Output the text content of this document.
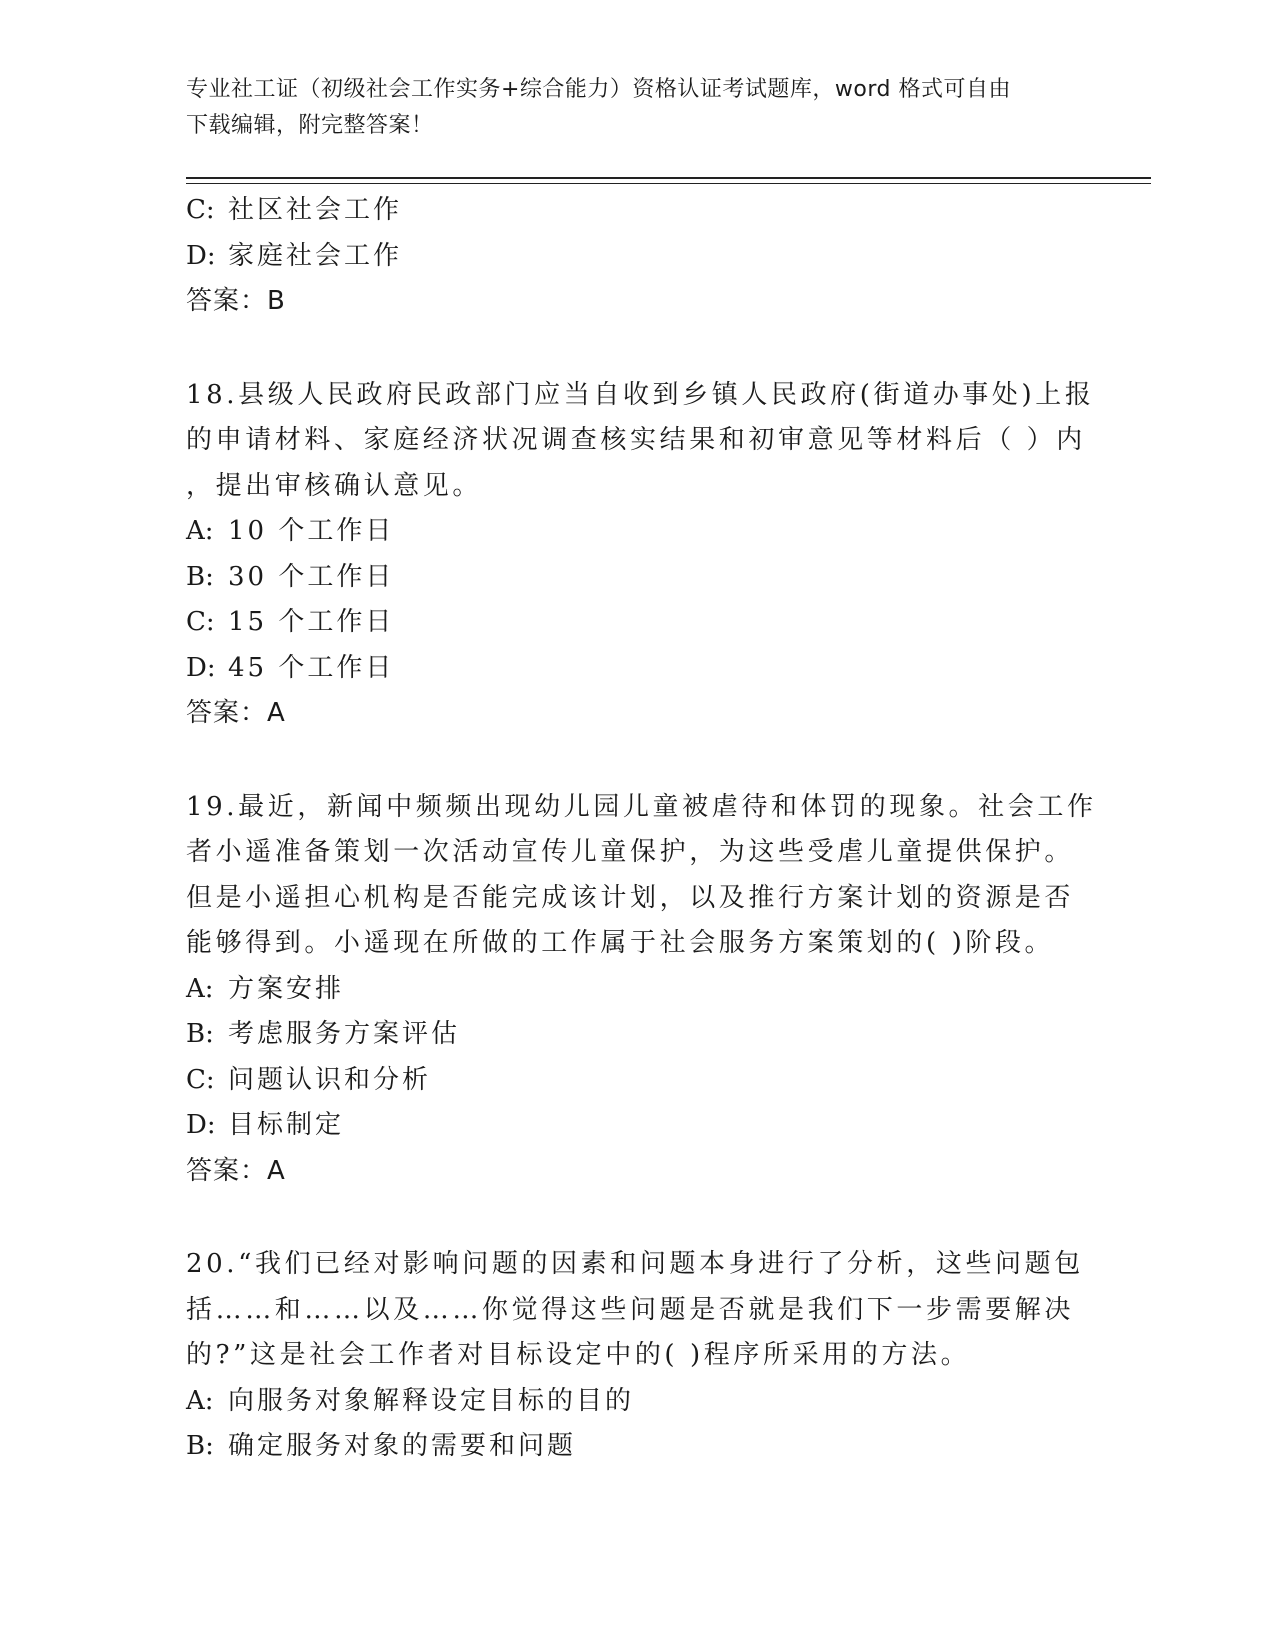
专业社工证（初级社会工作实务+综合能力）资格认证考试题库，word 格式可自由
下载编辑，附完整答案！
C: 社区社会工作
D: 家庭社会工作
答案：B
18.县级人民政府民政部门应当自收到乡镇人民政府(街道办事处)上报
的申请材料、家庭经济状况调查核实结果和初审意见等材料后（ ）内
，提出审核确认意见。
A: 10 个工作日
B: 30 个工作日
C: 15 个工作日
D: 45 个工作日
答案：A
19.最近，新闻中频频出现幼儿园儿童被虐待和体罚的现象。社会工作
者小遥准备策划一次活动宣传儿童保护，为这些受虐儿童提供保护。
但是小遥担心机构是否能完成该计划，以及推行方案计划的资源是否
能够得到。小遥现在所做的工作属于社会服务方案策划的( )阶段。
A: 方案安排
B: 考虑服务方案评估
C: 问题认识和分析
D: 目标制定
答案：A
20.“我们已经对影响问题的因素和问题本身进行了分析，这些问题包
括……和……以及……你觉得这些问题是否就是我们下一步需要解决
的?”这是社会工作者对目标设定中的( )程序所采用的方法。
A: 向服务对象解释设定目标的目的
B: 确定服务对象的需要和问题
